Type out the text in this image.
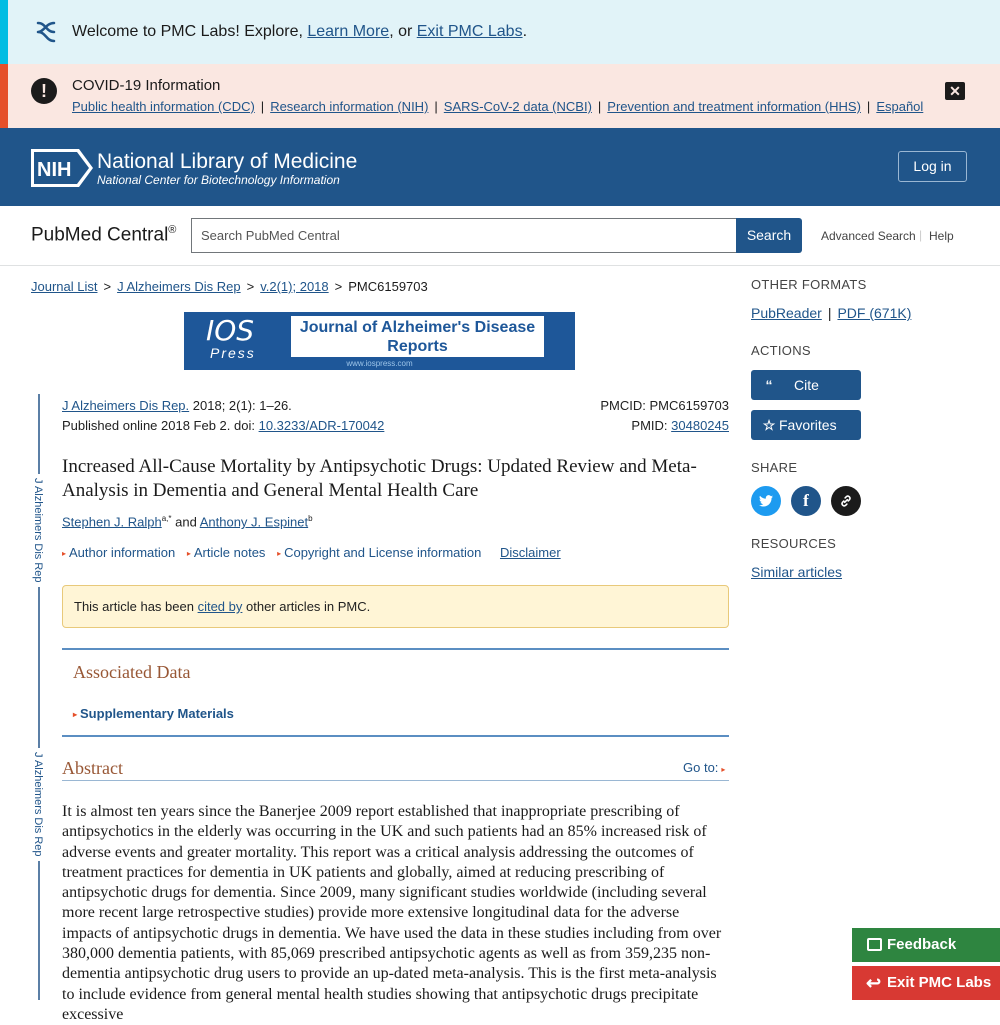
Welcome to PMC Labs! Explore, Learn More, or Exit PMC Labs.
!	COVID-19 Information
Public health information (CDC) | Research information (NIH) | SARS-CoV-2 data (NCBI) | Prevention and treatment information (HHS) | Español
✕
NIH National Library of Medicine
National Center for Biotechnology Information
Log in
PubMed Central®	Search PubMed Central	Search	Advanced Search | Help
Journal List > J Alzheimers Dis Rep > v.2(1); 2018 > PMC6159703
IOS
Press
Journal of Alzheimer's Disease Reports
www.iospress.com
J Alzheimers Dis Rep
J Alzheimers Dis Rep
J Alzheimers Dis Rep. 2018; 2(1): 1–26.
Published online 2018 Feb 2. doi: 10.3233/ADR-170042
PMCID: PMC6159703
PMID: 30480245
Increased All-Cause Mortality by Antipsychotic Drugs: Updated Review and Meta-Analysis in Dementia and General Mental Health Care
Stephen J. Ralph$^{a,*}$ and Anthony J. Espinet$^b$
▸ Author information ▸ Article notes ▸ Copyright and License information Disclaimer
This article has been cited by other articles in PMC.
Associated Data
▸ Supplementary Materials
Abstract	Go to: ▸

It is almost ten years since the Banerjee 2009 report established that inappropriate prescribing of antipsychotics in the elderly was occurring in the UK and such patients had an 85% increased risk of adverse events and greater mortality. This report was a critical analysis addressing the outcomes of treatment practices for dementia in UK patients and globally, aimed at reducing prescribing of antipsychotic drugs for dementia. Since 2009, many significant studies worldwide (including several more recent large retrospective studies) provide more extensive longitudinal data for the adverse impacts of antipsychotic drugs in dementia. We have used the data in these studies including from over 380,000 dementia patients, with 85,069 prescribed antipsychotic agents as well as from 359,235 non-dementia antipsychotic drug users to provide an up-dated meta-analysis. This is the first meta-analysis to include evidence from general mental health studies showing that antipsychotic drugs precipitate excessive

OTHER FORMATS
PubReader | PDF (671K)
ACTIONS
“	Cite
☆ Favorites
SHARE
f
RESOURCES
Similar articles
Feedback
↩ Exit PMC Labs
